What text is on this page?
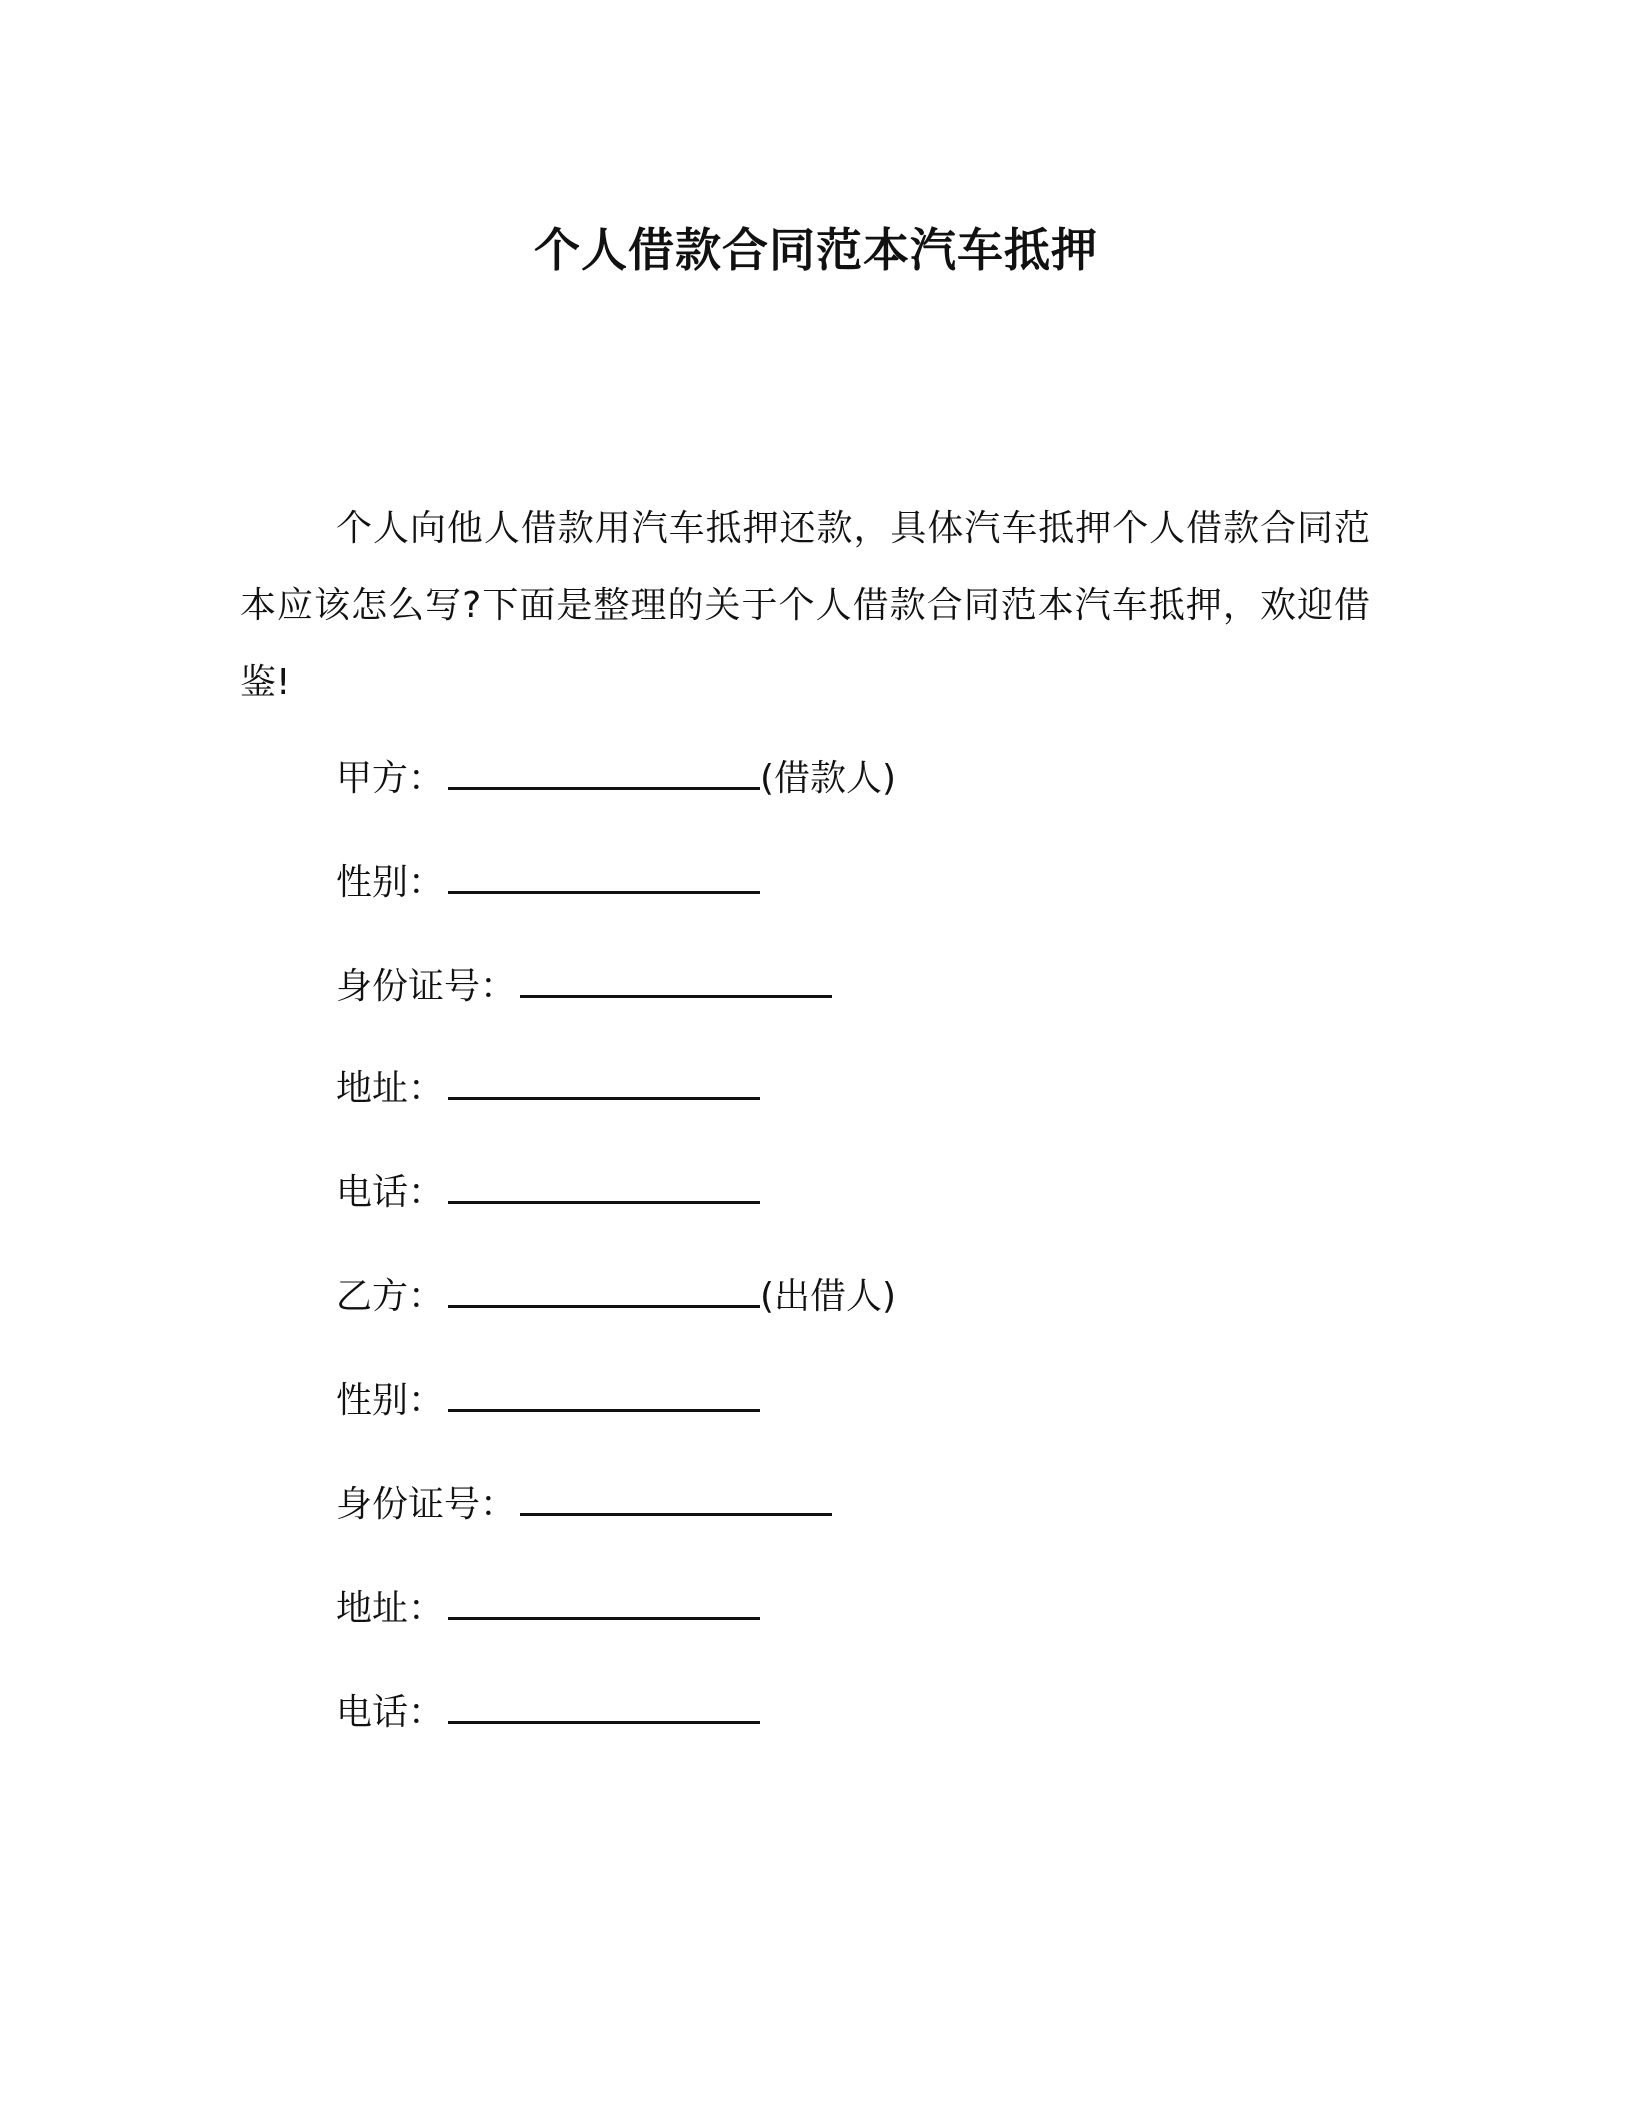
个人借款合同范本汽车抵押

个人向他人借款用汽车抵押还款，具体汽车抵押个人借款合同范本应该怎么写?下面是整理的关于个人借款合同范本汽车抵押，欢迎借鉴!

甲方：	(借款人)
性别：
身份证号：
地址：
电话：
乙方：	(出借人)
性别：
身份证号：
地址：
电话：
